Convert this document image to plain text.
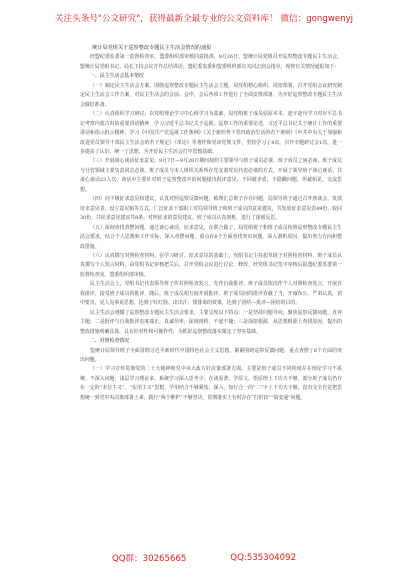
关注头条号"公文研究"，获得最新全最专业的公文资料库！ 微信：gongwenyj
统计局党组关于巡察整改专题民主生活会情况的通报

经盟纪委监委第一监督检查室、盟委组织部审核同意批准，9月26日，盟统计局党组召开巡察整改专题民主生活会。盟统计局党组书记、局长主持会议并作总结讲话。盟纪委监委和盟委组织部有关同志到会指导。现将有关情况通报如下：

一、民主生活会基本情况

（一）制定民主生活会方案。围绕巡察整改专题民主生活会主题，局党组精心组织、周密部署，召开党组会议研究制定民主生活会工作方案，对民主生活会的会前、会中、会后各项工作进行了全面安排部署，为开好巡察整改专题民主生活会做好准备。

（二）认真组织学习研讨。以党组理论学习中心组学习为基础，局党组班子成员原原本本、逐字逐句学习对应平总书记考察内蒙古时的重要讲话精神，学习习近平总书记关于巡视、巡察工作的重要论述，习近平总书记关于统计工作的重要讲话和指示批示精神，学习《中国共产党巡视工作条例》《关于新形势下党内政治生活的若干准则》《中共中央关于加强和改进党员领导干部民主生活会的若干规定》《革论》等著作和党章党规文件，坚持学习了4次，召开专题研讨会1次，进一步提高了认识，统一了思想，为开好民主生活会打牢思想基础。

（三）开展谈心谈话征求意见。9月7日—9月20日期间按照主要领导与班子成员必谈、班子成员之间必谈、班子成员与分管领域主要负责同志必谈、班子成员与本人组织关系所在党支部党员代表必谈的方式，开展了领导班子谈心谈话，共谈心谈话23人次，谈话中主要针对班子巡察整改中的问题提出批评意见，不回避矛盾，不隐瞒问题，坦诚相见、交流思想。

（四）向下级征求意见和建议。认真对照巡察反馈问题，梳理汇总班子存在问题，局领导班子通过召开座谈会、发放征求意见表、设立意见箱等方式，广泛征求干部职工对局领导班子和班子成员的意见建议，共发放征求意见表49份，收回30份，共征求意见建议共8条。对照征求的意见建议，班子成员认真剖析，进行了深刻反思。

（五）深刻查找查摆问题。通过谈心谈话、征求意见，在联合做了，局党组班子和班子成员按照巡察整改专题民主生活会要求，结合个人思想和工作实际，深入查摆问题，重点在6个方面查找突出问题，深入剖析原因，提出努力方向和整改措施。

（六）认真撰写对照检查材料。在学习研讨、征求意见的基础上，党组书记主持起草班子对照检查材料，班子成员认真撰写个人发言材料，由党组书记审核把关后，召开党组会议进行讨论、修改，经党组书记签字审核后报盟纪委监委第一监督检查室、盟委组织部审核。

民主生活会上，党组书记代表领导班子作对照检查发言，先作自我批评，班子成员依次作个人对照检查发言，开展自我批评，接受班子成员的批评，随后，班子成员相互间开展批评，班子成员间的批评直截了当，开诚布公，严肃认真，切中要害，见人见事见思想，达到了红红脸、出出汗、排排毒的效果，达到了团结—批评—团结的目的。

民主生活会遵循了巡察整改专题民主生活会要求，主要呈现以下特点：一是坚持问题导向，聚焦巡察反馈问题，直奔主题；二是批评与自我批评态度端正，真诚坦率，深刻剖析，不遮不掩；三是深挖根源，从思想根源上查找原因，提出的整改措施明确具体，具有针对性和可操作性，为抓好巡察整改落实奠定了坚实基础。

二、对照检查情况

盟统计局领导班子全面贯彻习近平新时代中国特色社会主义思想，紧紧围绕巡察反馈问题，重点查摆了6个方面的突出问题。

（一）学习宣传贯彻党的二十大精神和党中央大政方针决策部署方面。主要是班子成员不同程度存在理论学习不系统、不深入问题，浅层学习理论多、系统学习深入思考少；在读原著、学原文、悟原理上下功夫不够，部分班子成员仍存在一定的“本位主义”、“实用主义”思想，学用结合不够紧密、深入，知行合一的“二”字上下功夫不够。没有完全自觉把思想统一到党中央决策部署上来，践行“两个维护”不够坚决，贯彻落实上有时存在“打折扣”“搞变通”问题。

QQ群：30265665	QQ:535304092
